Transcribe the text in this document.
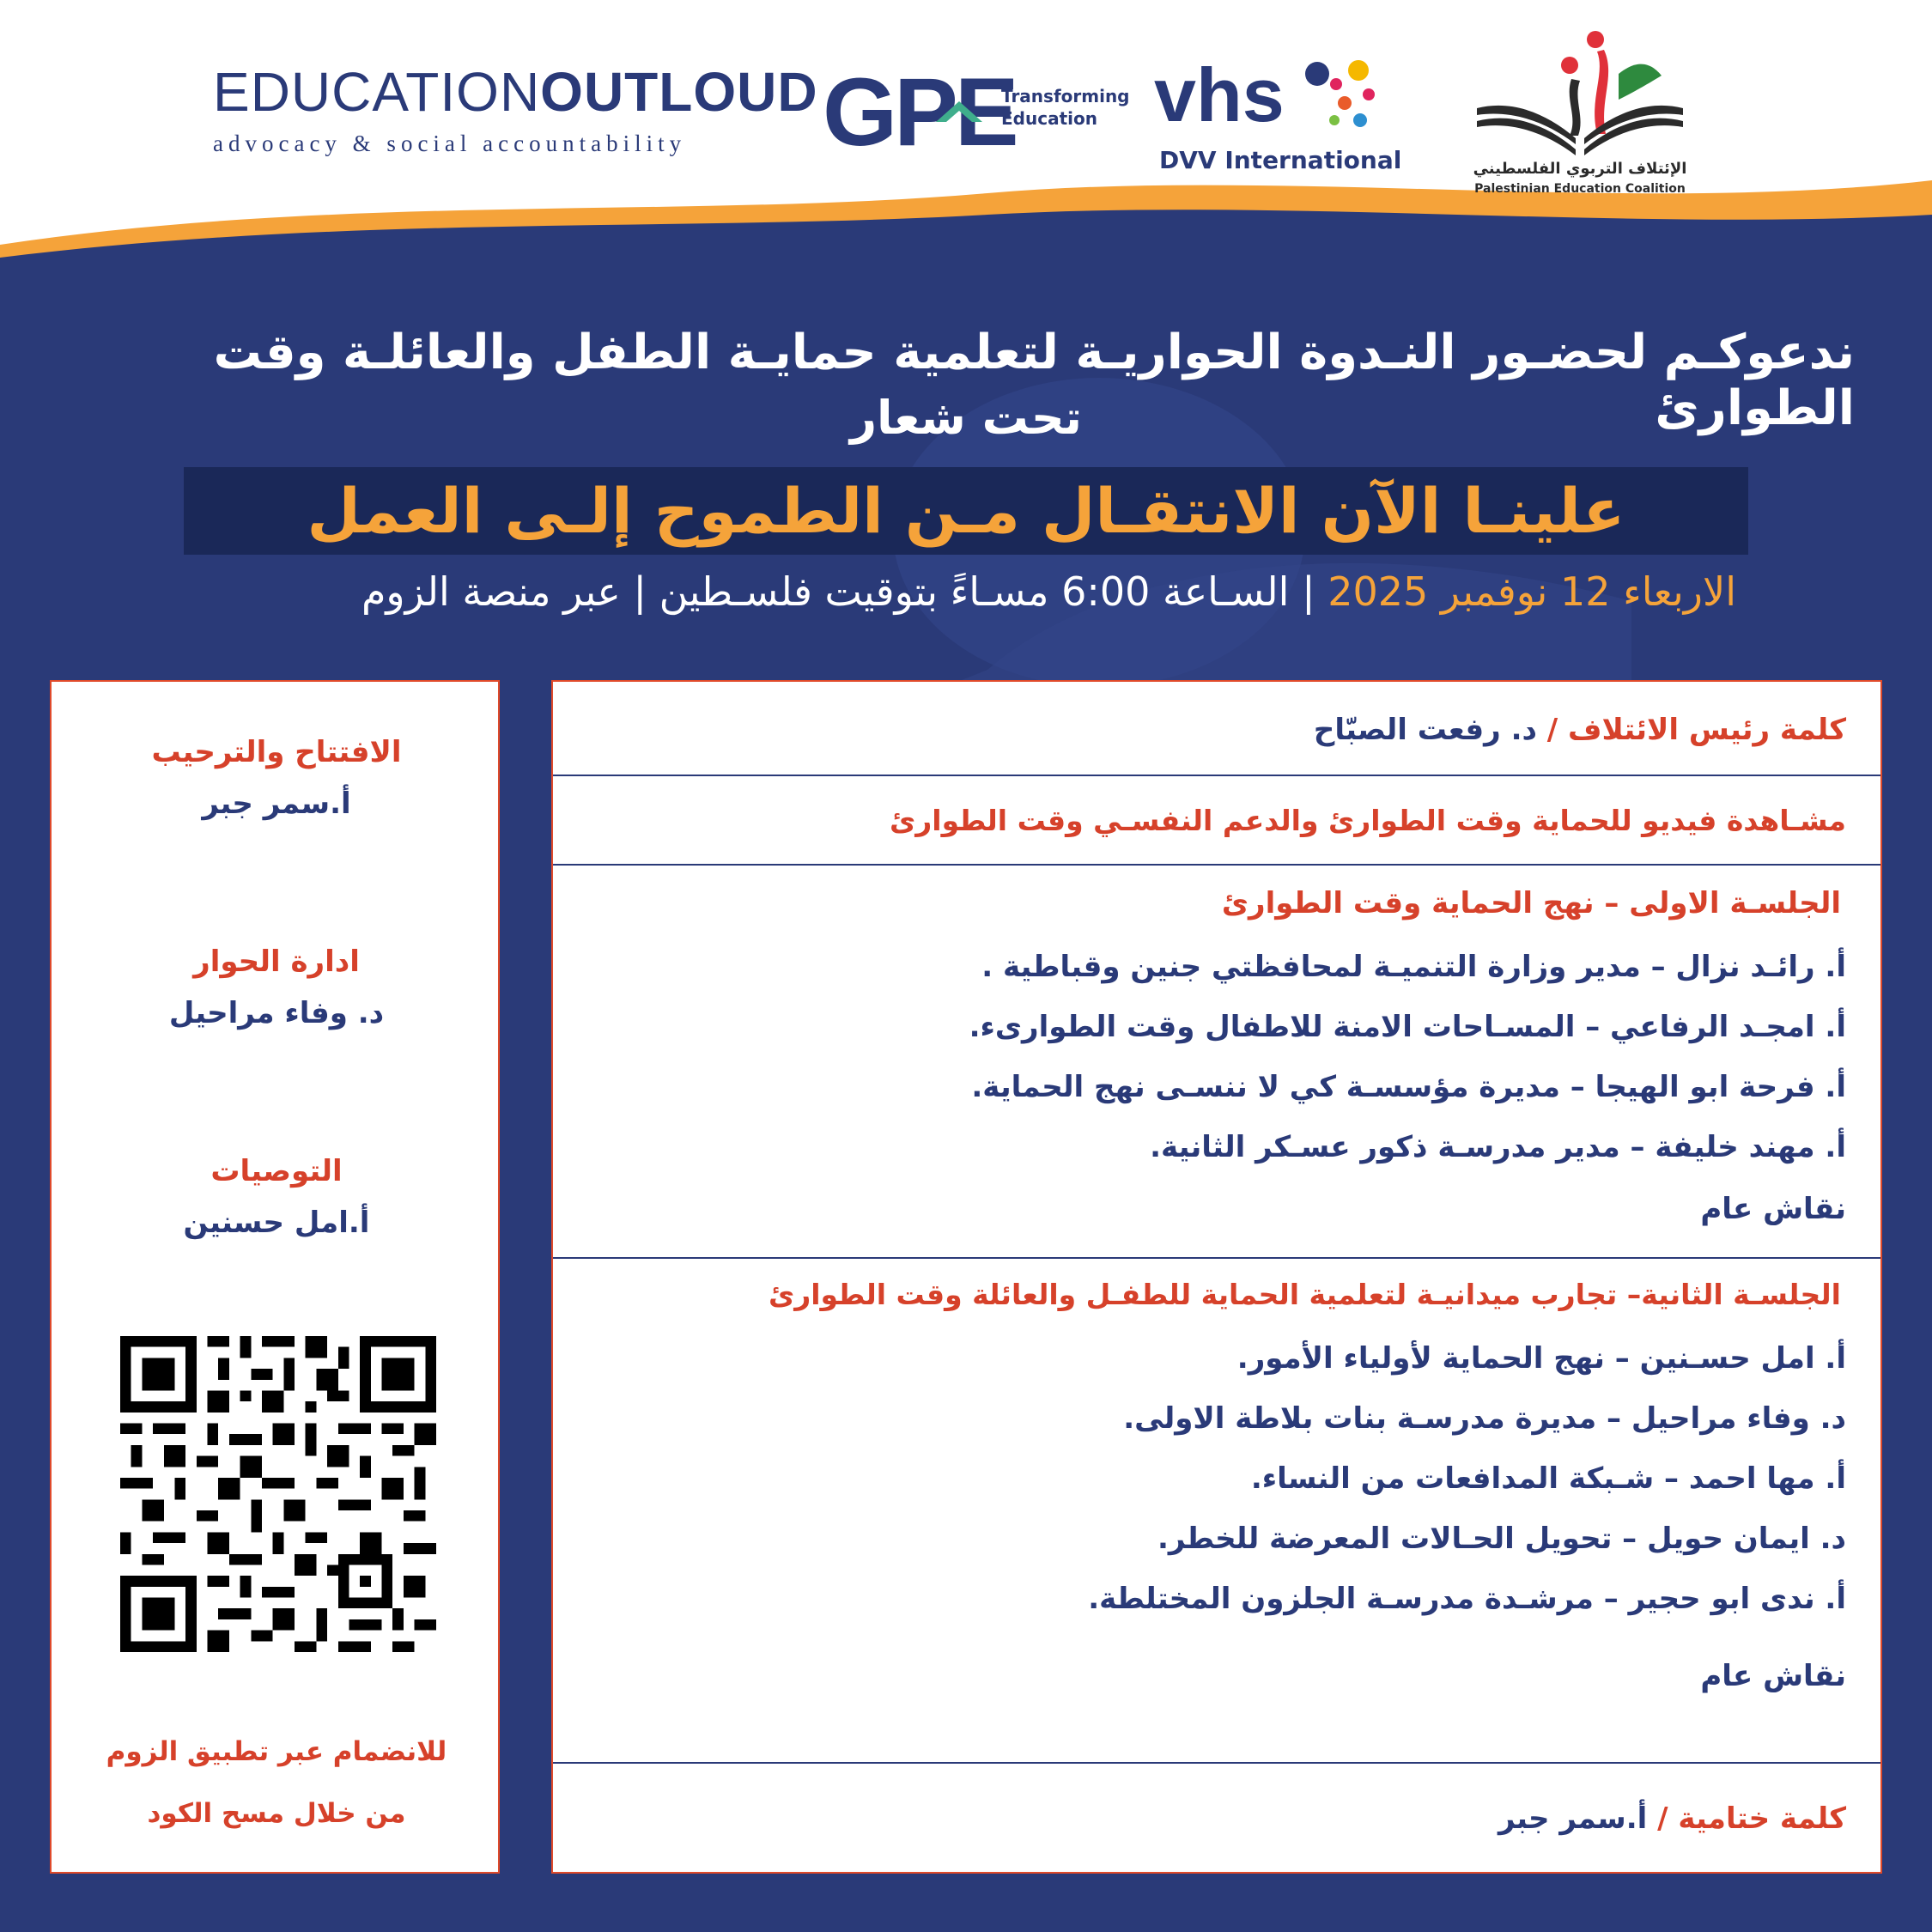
EDUCATIONOUTLOUD
advocacy & social accountability	GPE
Transforming
Education vhs
DVV International	الإئتلاف التربوي الفلسطيني
Palestinian Education Coalition
ندعوكـم لحضـور النـدوة الحواريـة لتعلمية حمايـة الطفل والعائلـة وقت الطوارئ
تحت شعار
علينـا الآن الانتقـال مـن الطموح إلـى العمل
الاربعاء 12 نوفمبر 2025 | السـاعة 6:00 مسـاءً بتوقيت فلسـطين | عبر منصة الزوم
الافتتاح والترحيب
أ.سمر جبر
ادارة الحوار
د. وفاء مراحيل
التوصيات
أ.امل حسنين
للانضمام عبر تطبيق الزوم
من خلال مسح الكود
كلمة رئيس الائتلاف / د. رفعت الصبّاح
مشـاهدة فيديو للحماية وقت الطوارئ والدعم النفسـي وقت الطوارئ
الجلسـة الاولى – نهج الحماية وقت الطوارئ
أ. رائـد نزال – مدير وزارة التنميـة لمحافظتي جنين وقباطية .
أ. امجـد الرفاعي – المسـاحات الامنة للاطفال وقت الطوارىء.
أ. فرحة ابو الهيجا – مديرة مؤسسـة كي لا ننسـى نهج الحماية.
أ. مهند خليفة – مدير مدرسـة ذكور عسـكر الثانية.
نقاش عام
الجلسـة الثانية– تجارب ميدانيـة لتعلمية الحماية للطفـل والعائلة وقت الطوارئ
أ. امل حسـنين – نهج الحماية لأولياء الأمور.
د. وفاء مراحيل – مديرة مدرسـة بنات بلاطة الاولى.
أ. مها احمد – شـبكة المدافعات من النساء.
د. ايمان حويل – تحويل الحـالات المعرضة للخطر.
أ. ندى ابو حجير – مرشـدة مدرسـة الجلزون المختلطة.
نقاش عام
كلمة ختامية / أ.سمر جبر
